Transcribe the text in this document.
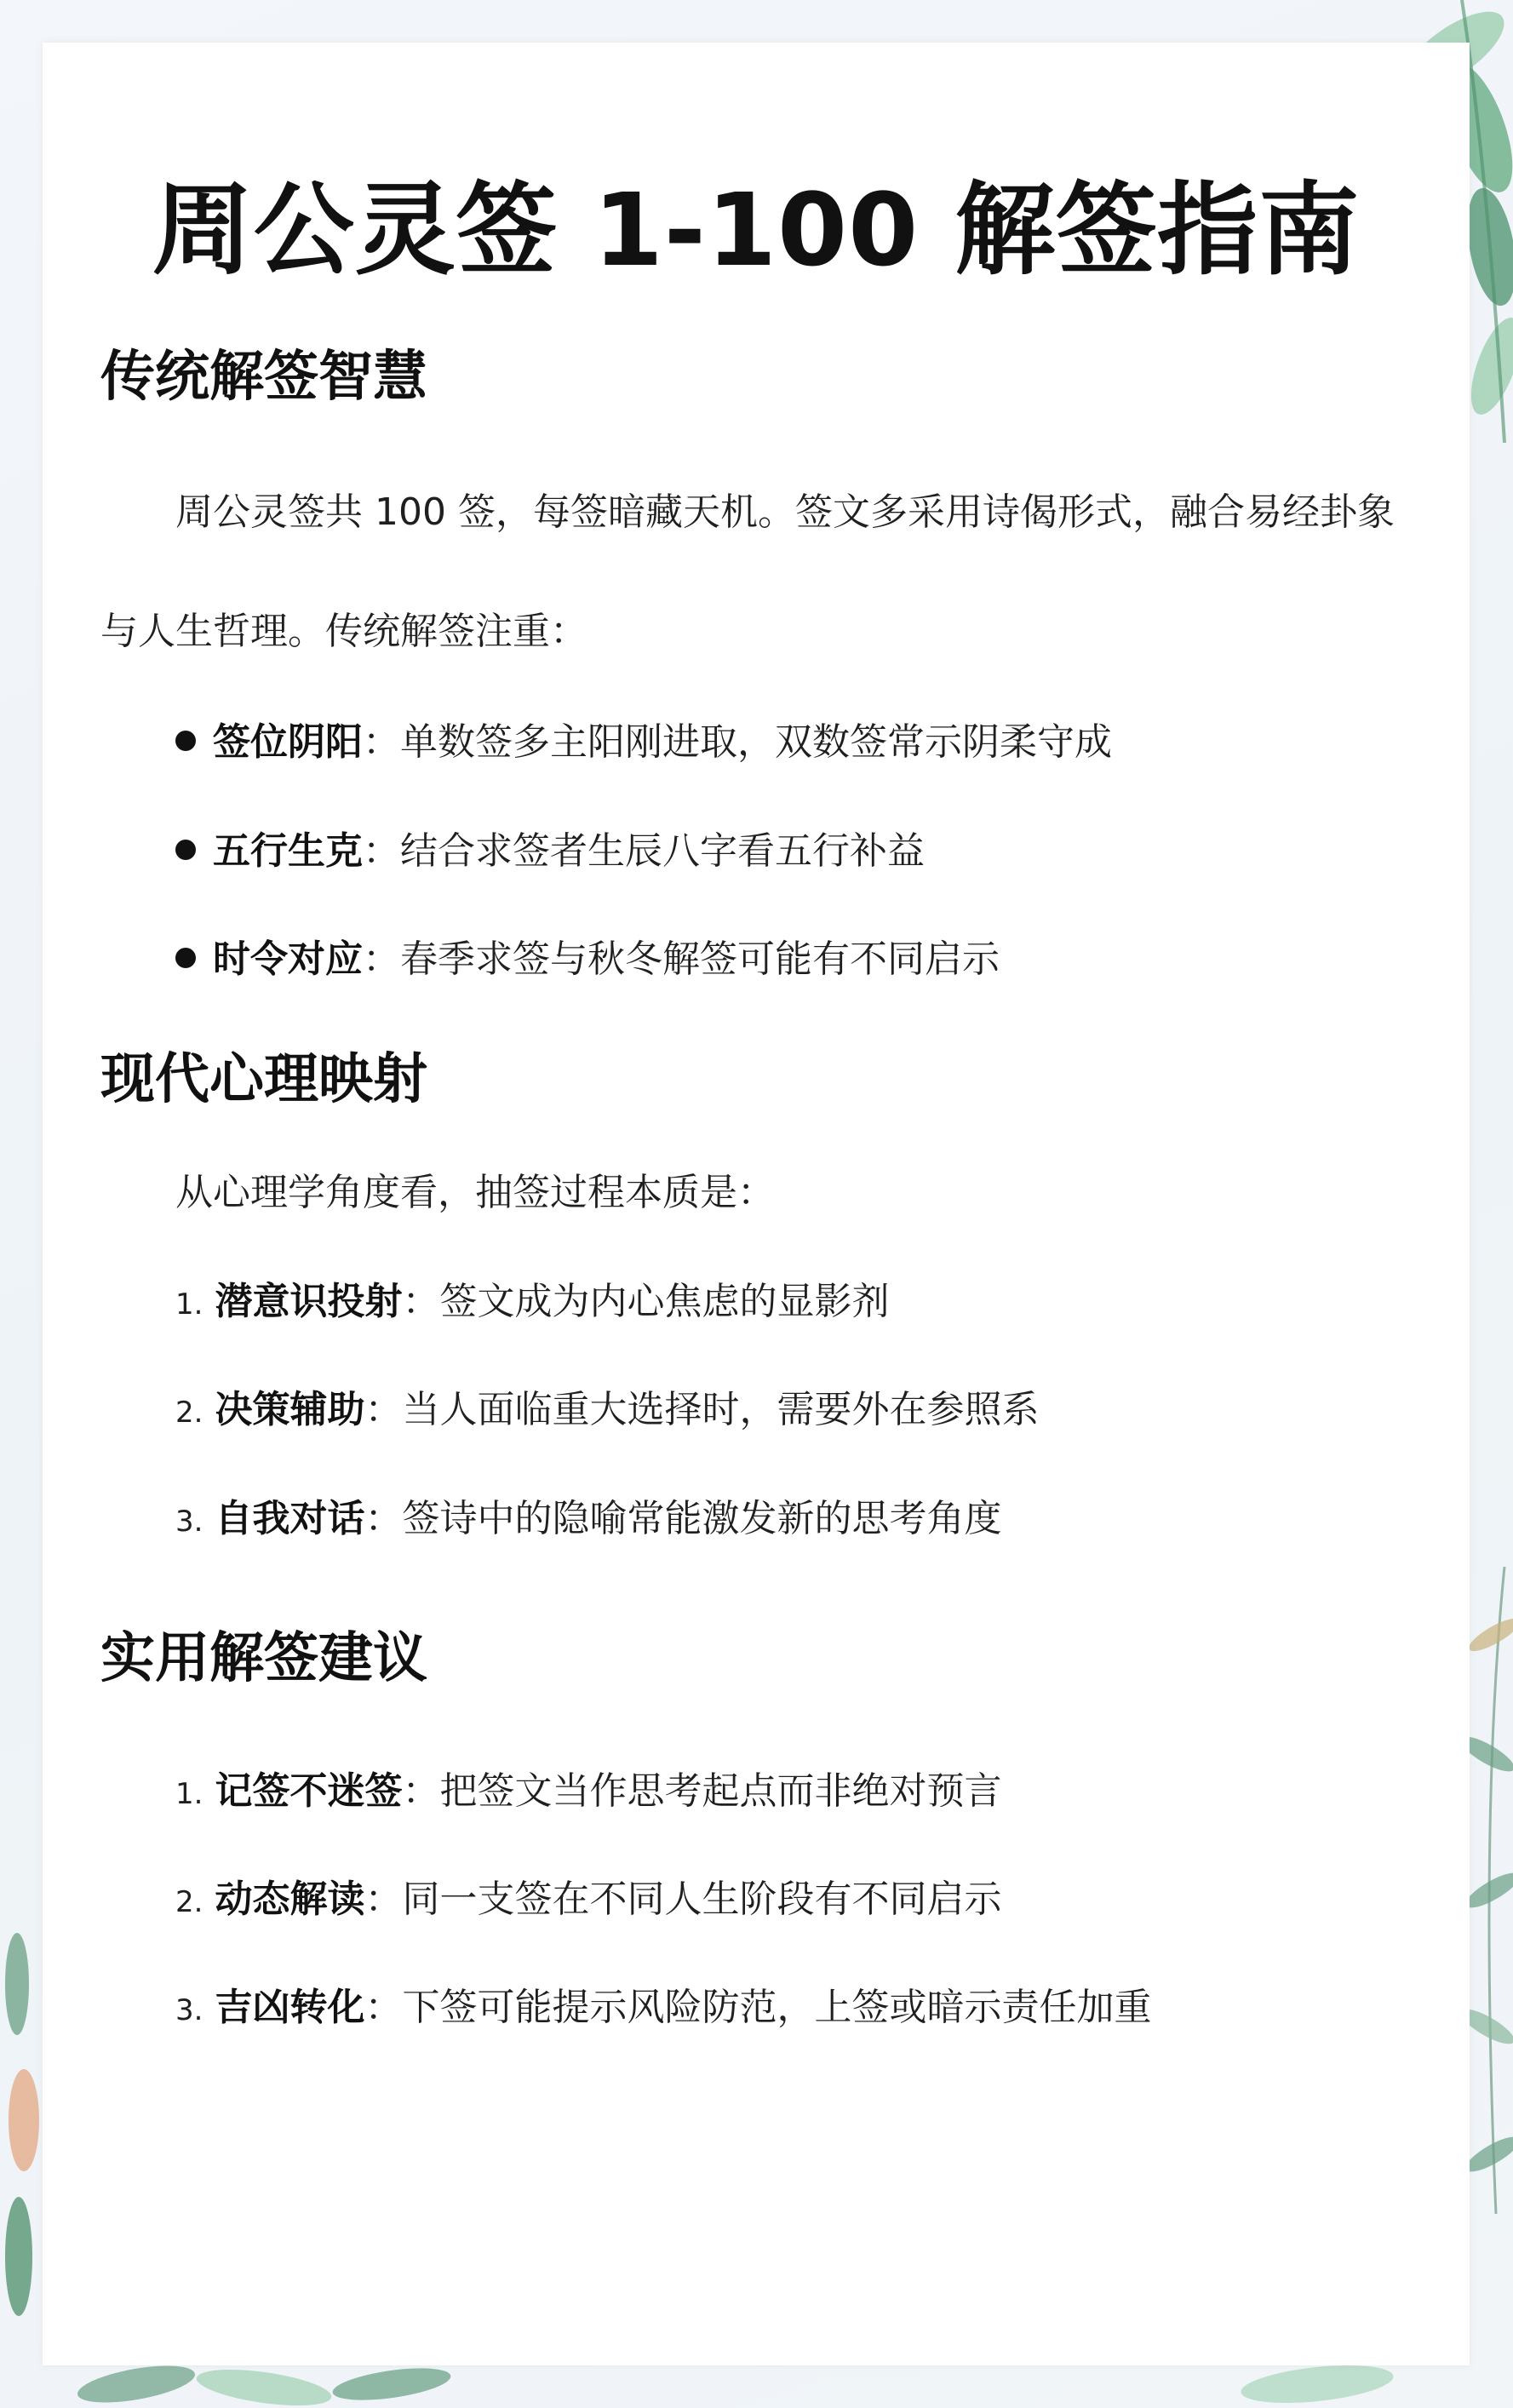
周公灵签 1-100 解签指南
传统解签智慧
周公灵签共 100 签，每签暗藏天机。签文多采用诗偈形式，融合易经卦象
与人生哲理。传统解签注重：
签位阴阳：单数签多主阳刚进取，双数签常示阴柔守成
五行生克：结合求签者生辰八字看五行补益
时令对应：春季求签与秋冬解签可能有不同启示
现代心理映射
从心理学角度看，抽签过程本质是：
1. 潜意识投射：签文成为内心焦虑的显影剂
2. 决策辅助：当人面临重大选择时，需要外在参照系
3. 自我对话：签诗中的隐喻常能激发新的思考角度
实用解签建议
1. 记签不迷签：把签文当作思考起点而非绝对预言
2. 动态解读：同一支签在不同人生阶段有不同启示
3. 吉凶转化：下签可能提示风险防范，上签或暗示责任加重
